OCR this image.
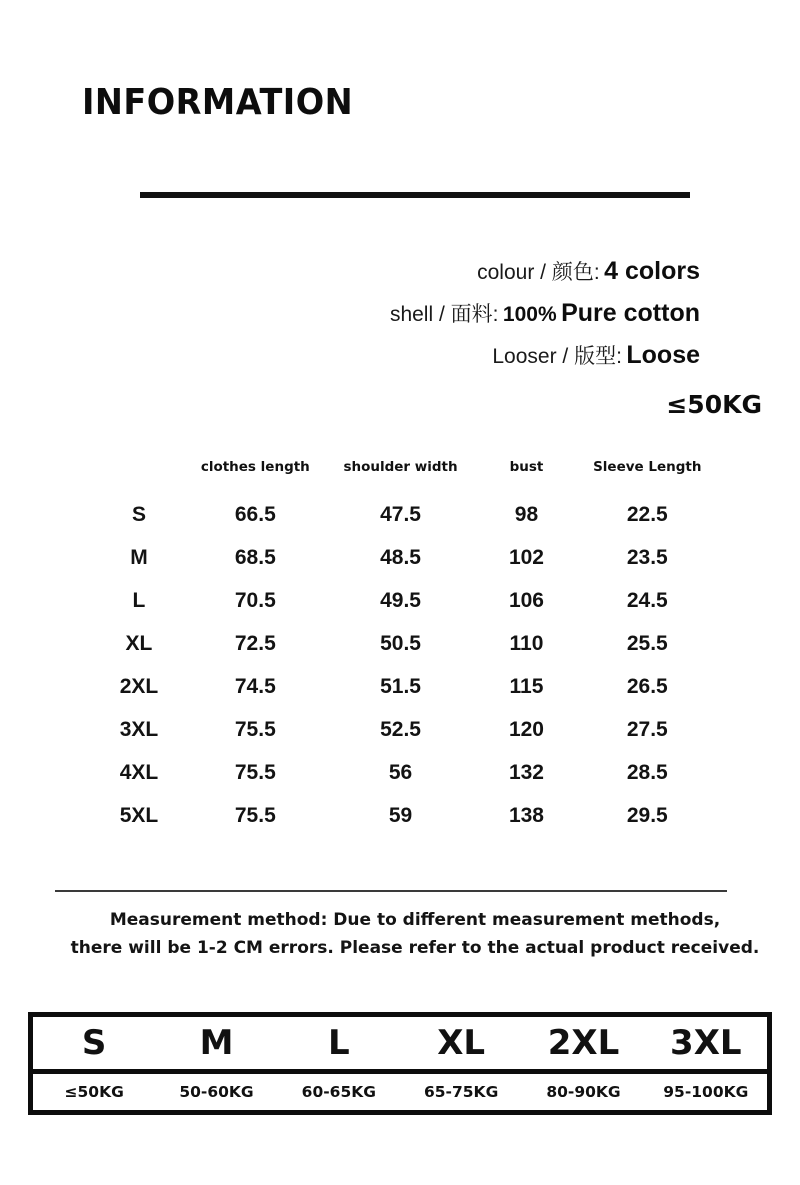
INFORMATION
colour / 颜色: 4 colors
shell / 面料: 100% Pure cotton
Looser / 版型: Loose
≤50KG
	clothes length	shoulder width	bust	Sleeve Length
S	66.5	47.5	98	22.5
M	68.5	48.5	102	23.5
L	70.5	49.5	106	24.5
XL	72.5	50.5	110	25.5
2XL	74.5	51.5	115	26.5
3XL	75.5	52.5	120	27.5
4XL	75.5	56	132	28.5
5XL	75.5	59	138	29.5
Measurement method: Due to different measurement methods,
there will be 1-2 CM errors. Please refer to the actual product received.
S	M	L	XL	2XL	3XL
≤50KG	50-60KG	60-65KG	65-75KG	80-90KG	95-100KG
